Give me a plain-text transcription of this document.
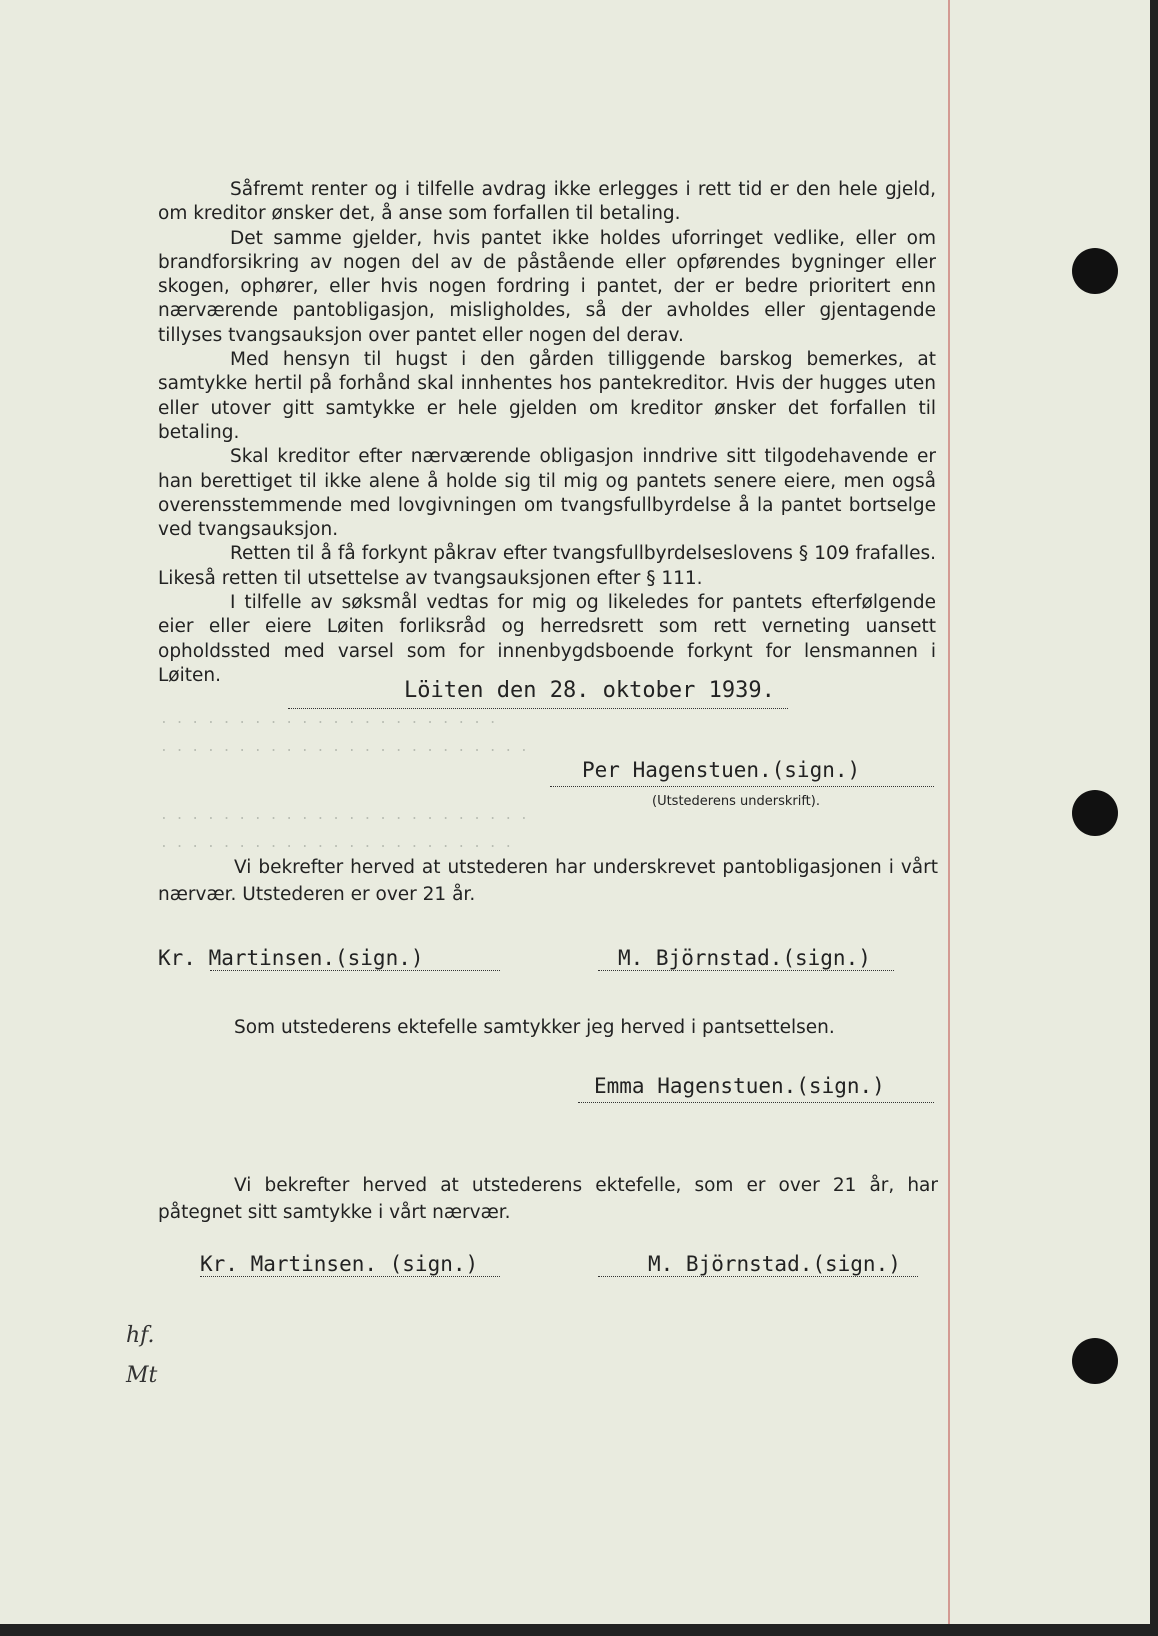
. . . . . . . . . . . . . . . . . . . . . .
. . . . . . . . . . . . . . . . . . . . . . . .
. . . . . . . . . . . . . . . . . . . . . . . .
. . . . . . . . . . . . . . . . . . . . . . .

Såfremt renter og i tilfelle avdrag ikke erlegges i rett tid er den hele gjeld, om kreditor ønsker det, å anse som forfallen til betaling.

Det samme gjelder, hvis pantet ikke holdes uforringet vedlike, eller om brandforsikring av nogen del av de påstående eller opførendes bygninger eller skogen, ophører, eller hvis nogen fordring i pantet, der er bedre prioritert enn nærværende pantobligasjon, misligholdes, så der avholdes eller gjentagende tillyses tvangsauksjon over pantet eller nogen del derav.

Med hensyn til hugst i den gården tilliggende barskog bemerkes, at samtykke hertil på forhånd skal innhentes hos pantekreditor. Hvis der hugges uten eller utover gitt samtykke er hele gjelden om kreditor ønsker det forfallen til betaling.

Skal kreditor efter nærværende obligasjon inndrive sitt tilgodehavende er han berettiget til ikke alene å holde sig til mig og pantets senere eiere, men også overensstemmende med lovgivningen om tvangsfullbyrdelse å la pantet bortselge ved tvangsauksjon.

Retten til å få forkynt påkrav efter tvangsfullbyrdelseslovens § 109 frafalles. Likeså retten til utsettelse av tvangsauksjonen efter § 111.

I tilfelle av søksmål vedtas for mig og likeledes for pantets efterfølgende eier eller eiere Løiten forliksråd og herredsrett som rett verneting uansett opholdssted med varsel som for innenbygdsboende forkynt for lensmannen i Løiten.

Löiten den 28. oktober 1939.
Per Hagenstuen.(sign.)
(Utstederens underskrift).
Vi bekrefter herved at utstederen har underskrevet pantobligasjonen i vårt nærvær. Utstederen er over 21 år.
Kr. Martinsen.(sign.)	M. Björnstad.(sign.)
Som utstederens ektefelle samtykker jeg herved i pantsettelsen.
Emma Hagenstuen.(sign.)
Vi bekrefter herved at utstederens ektefelle, som er over 21 år, har påtegnet sitt samtykke i vårt nærvær.
Kr. Martinsen. (sign.)	M. Björnstad.(sign.)
hf. Mt
